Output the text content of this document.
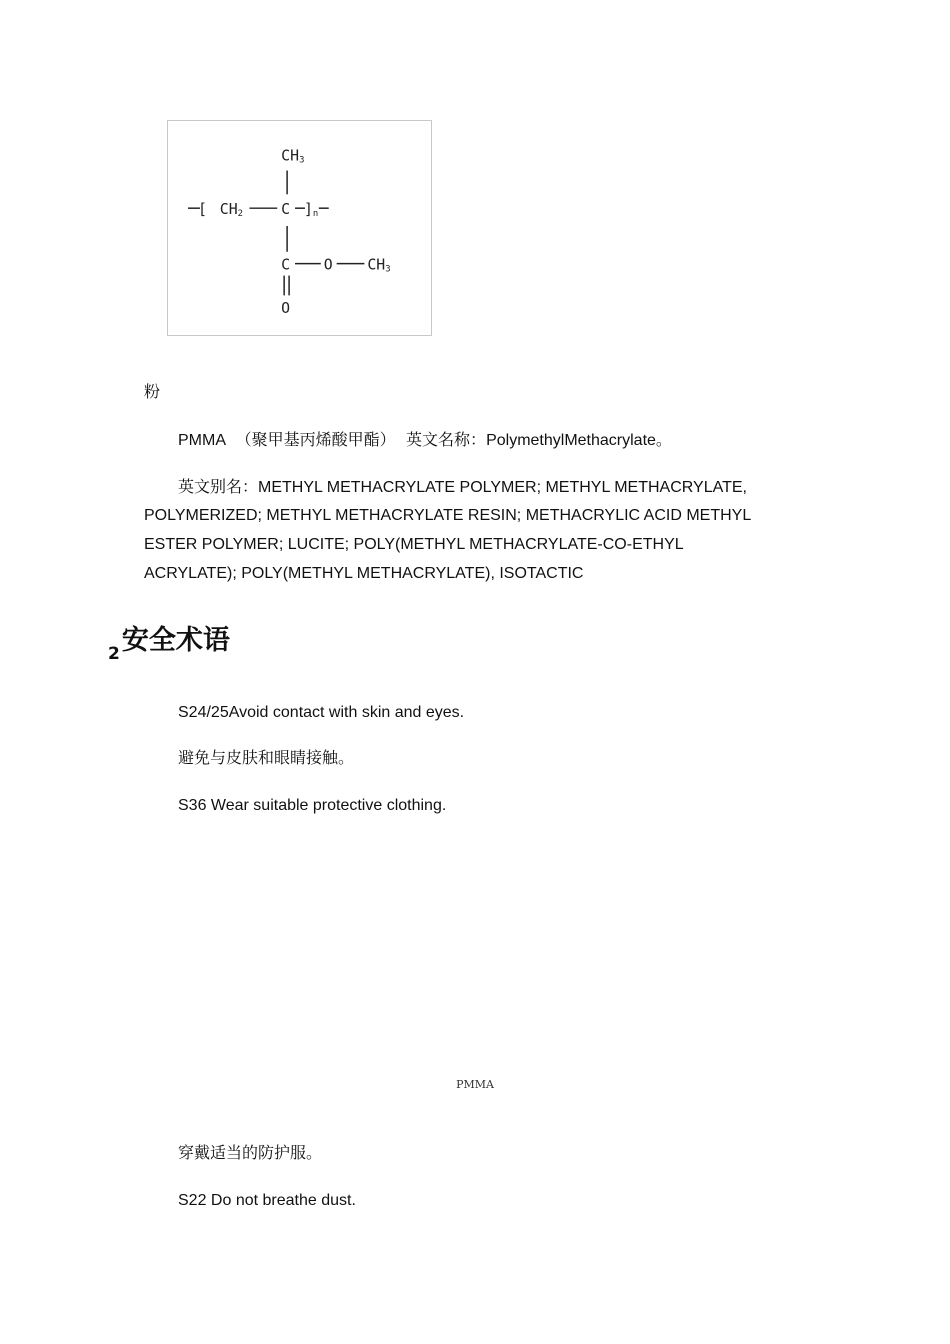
CH3
[ CH2	C ] n
C O CH3
O
粉
PMMA （聚甲基丙烯酸甲酯） 英文名称：PolymethylMethacrylate。
英文别名：METHYL METHACRYLATE POLYMER; METHYL METHACRYLATE,
POLYMERIZED; METHYL METHACRYLATE RESIN; METHACRYLIC ACID METHYL
ESTER POLYMER; LUCITE; POLY(METHYL METHACRYLATE-CO-ETHYL
ACRYLATE); POLY(METHYL METHACRYLATE), ISOTACTIC
2安全术语
S24/25Avoid contact with skin and eyes.
避免与皮肤和眼睛接触。
S36 Wear suitable protective clothing.
PMMA
穿戴适当的防护服。
S22 Do not breathe dust.
